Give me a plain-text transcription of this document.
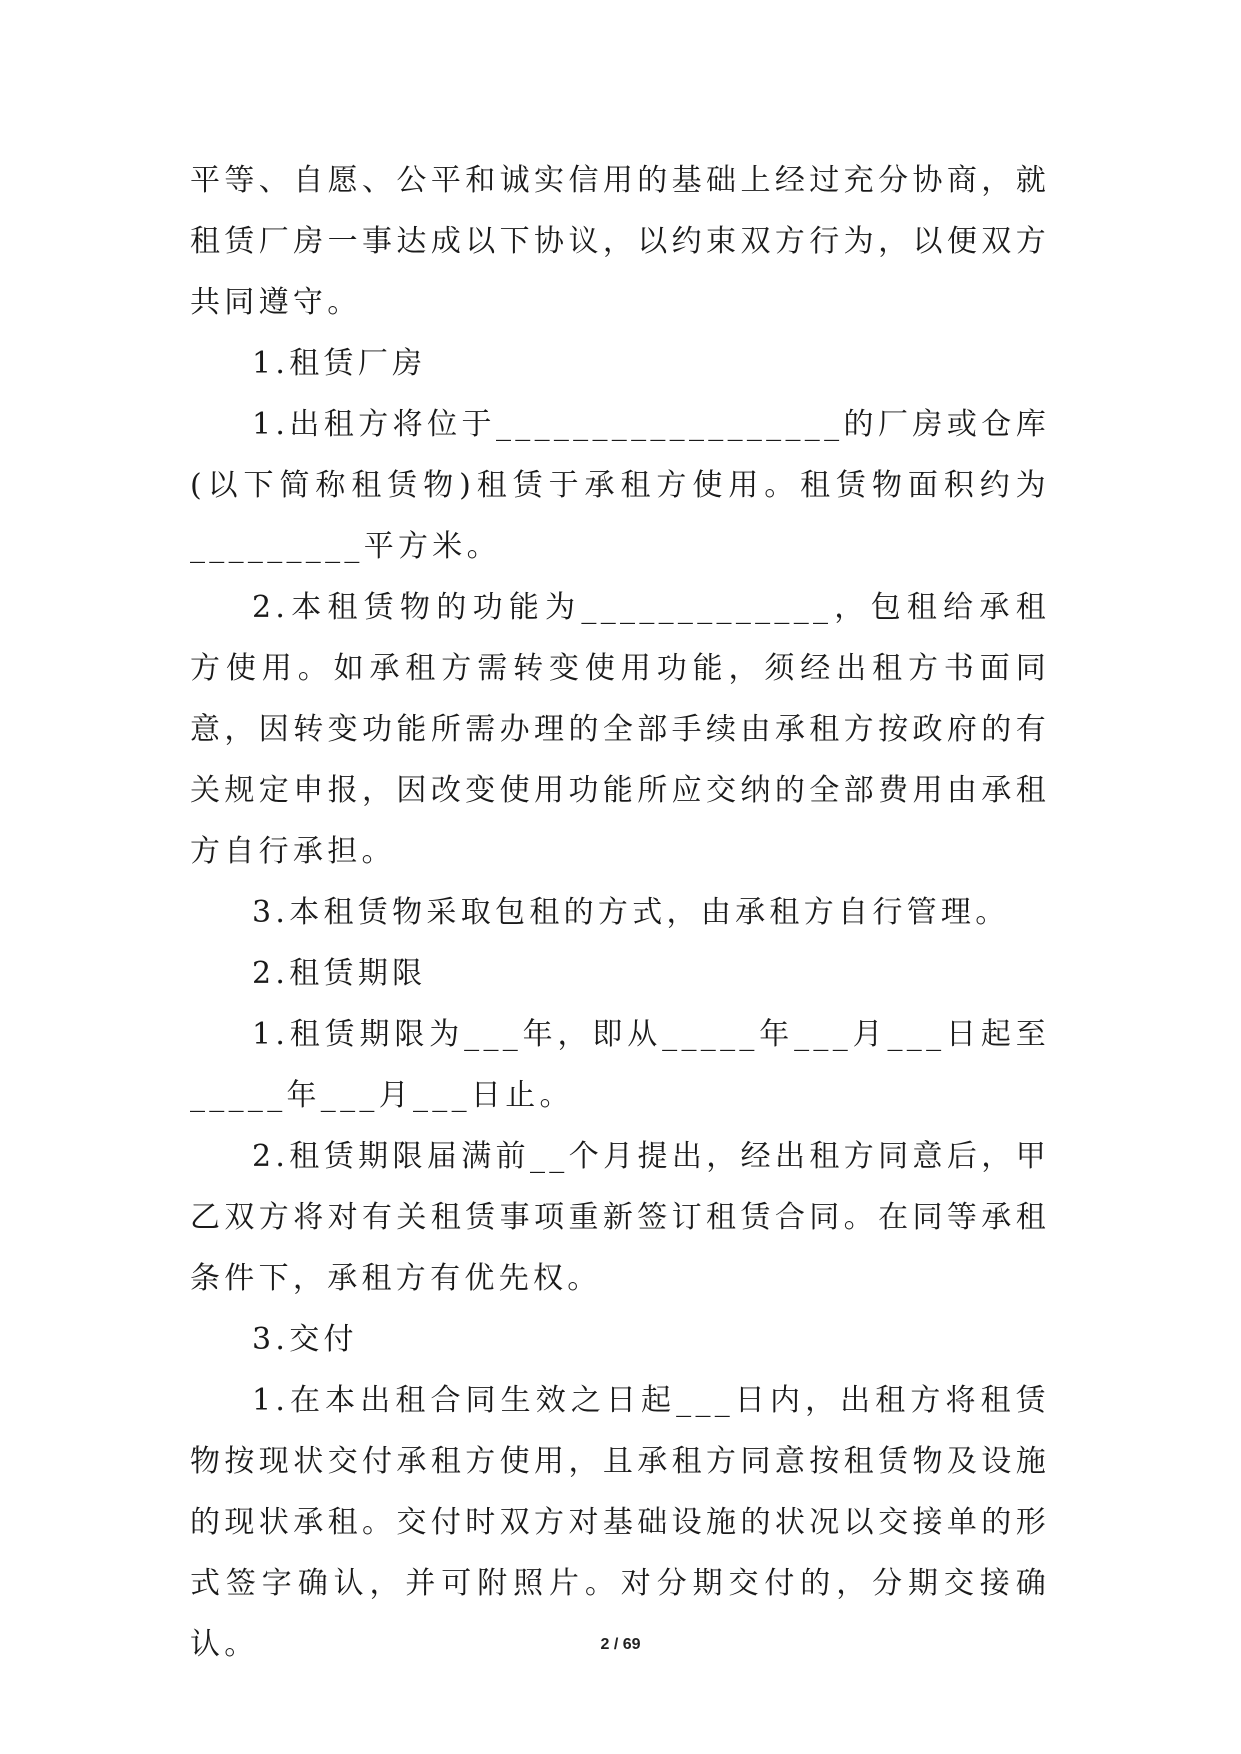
平等、自愿、公平和诚实信用的基础上经过充分协商，就租赁厂房一事达成以下协议，以约束双方行为，以便双方共同遵守。

1.租赁厂房

1.出租方将位于__________________的厂房或仓库(以下简称租赁物)租赁于承租方使用。租赁物面积约为_________平方米。

2.本租赁物的功能为_____________，包租给承租方使用。如承租方需转变使用功能，须经出租方书面同意，因转变功能所需办理的全部手续由承租方按政府的有关规定申报，因改变使用功能所应交纳的全部费用由承租方自行承担。

3.本租赁物采取包租的方式，由承租方自行管理。

2.租赁期限

1.租赁期限为___年，即从_____年___月___日起至_____年___月___日止。

2.租赁期限届满前__个月提出，经出租方同意后，甲乙双方将对有关租赁事项重新签订租赁合同。在同等承租条件下，承租方有优先权。

3.交付

1.在本出租合同生效之日起___日内，出租方将租赁物按现状交付承租方使用，且承租方同意按租赁物及设施的现状承租。交付时双方对基础设施的状况以交接单的形式签字确认，并可附照片。对分期交付的，分期交接确认。	2 / 69
